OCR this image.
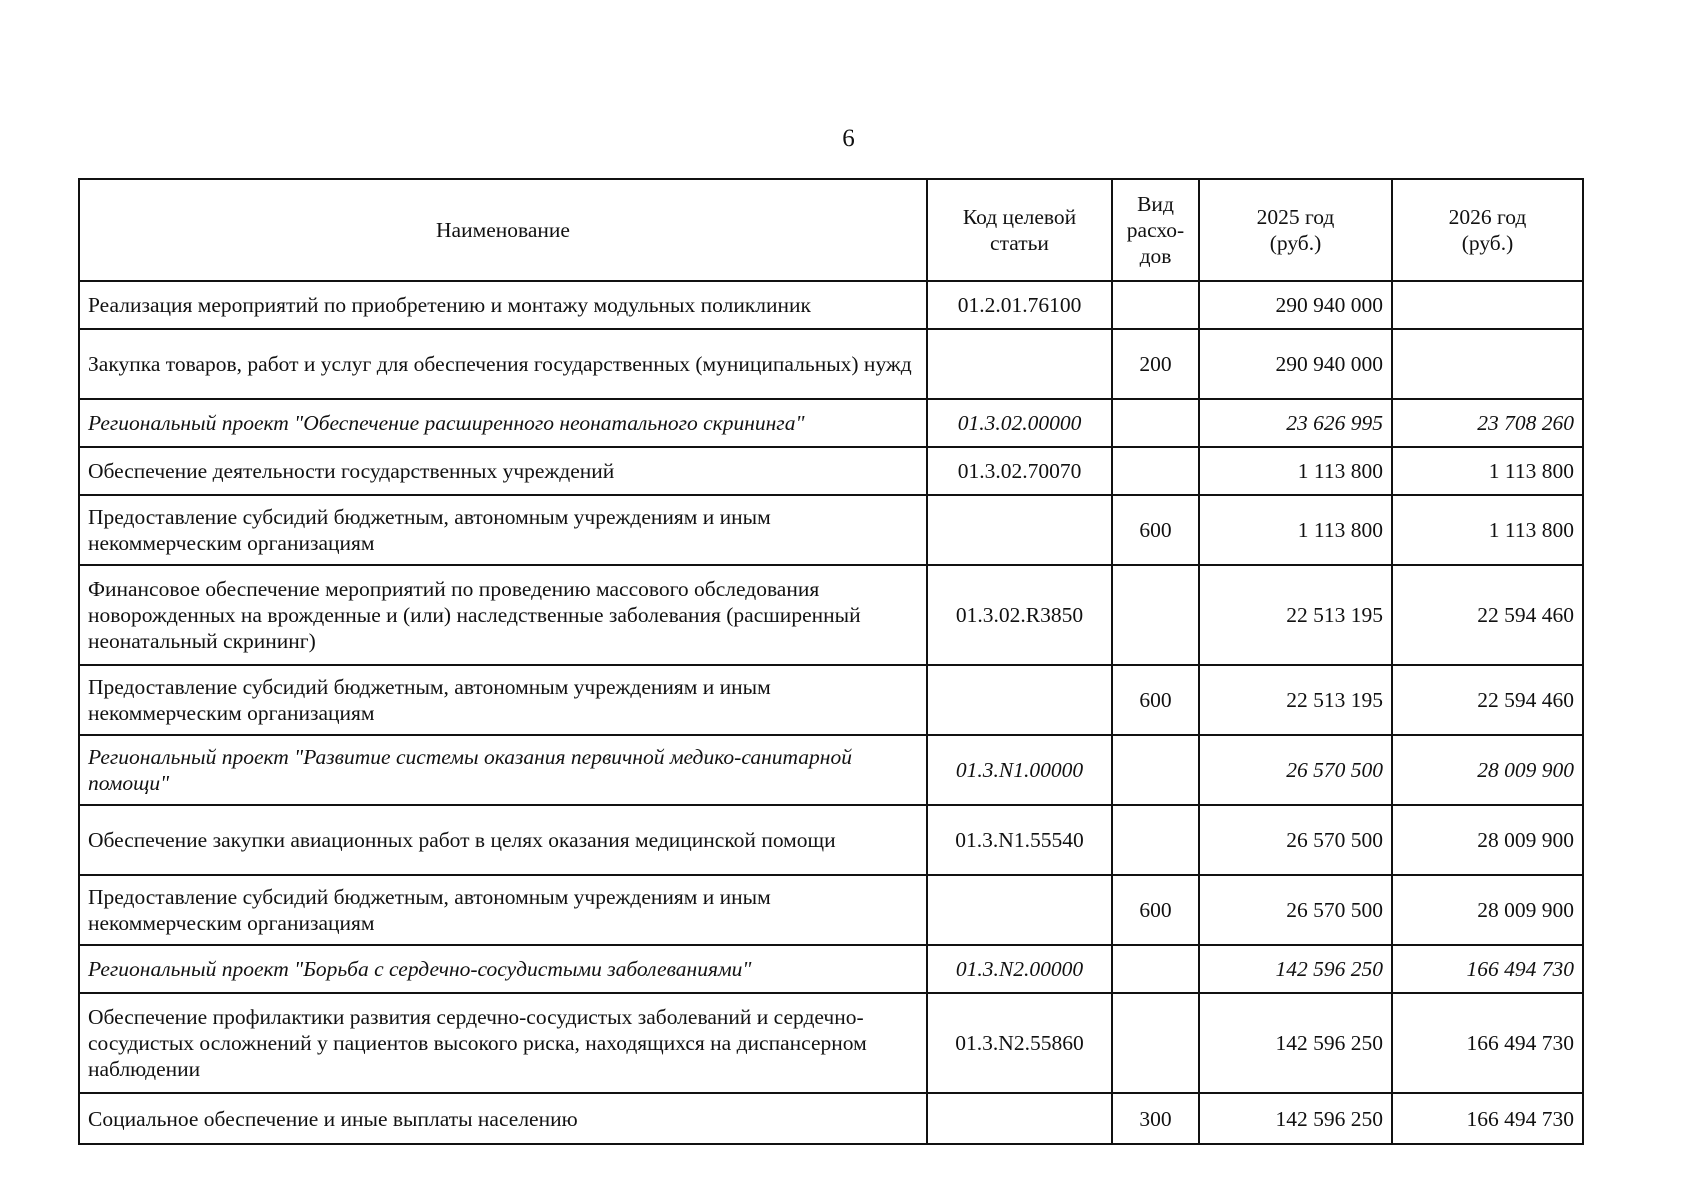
6
Наименование	Код целевой статьи	Вид расхо-дов	2025 год (руб.)	2026 год (руб.)

Реализация мероприятий по приобретению и монтажу модульных поликлиник	01.2.01.76100		290 940 000	
Закупка товаров, работ и услуг для обеспечения государственных (муниципальных) нужд		200	290 940 000	
Региональный проект "Обеспечение расширенного неонатального скрининга"	01.3.02.00000		23 626 995	23 708 260
Обеспечение деятельности государственных учреждений	01.3.02.70070		1 113 800	1 113 800
Предоставление субсидий бюджетным, автономным учреждениям и иным некоммерческим организациям		600	1 113 800	1 113 800
Финансовое обеспечение мероприятий по проведению массового обследования новорожденных на врожденные и (или) наследственные заболевания (расширенный неонатальный скрининг)	01.3.02.R3850		22 513 195	22 594 460
Предоставление субсидий бюджетным, автономным учреждениям и иным некоммерческим организациям		600	22 513 195	22 594 460
Региональный проект "Развитие системы оказания первичной медико-санитарной помощи"	01.3.N1.00000		26 570 500	28 009 900
Обеспечение закупки авиационных работ в целях оказания медицинской помощи	01.3.N1.55540		26 570 500	28 009 900
Предоставление субсидий бюджетным, автономным учреждениям и иным некоммерческим организациям		600	26 570 500	28 009 900
Региональный проект "Борьба с сердечно-сосудистыми заболеваниями"	01.3.N2.00000		142 596 250	166 494 730
Обеспечение профилактики развития сердечно-сосудистых заболеваний и сердечно-сосудистых осложнений у пациентов высокого риска, находящихся на диспансерном наблюдении	01.3.N2.55860		142 596 250	166 494 730
Социальное обеспечение и иные выплаты населению		300	142 596 250	166 494 730
